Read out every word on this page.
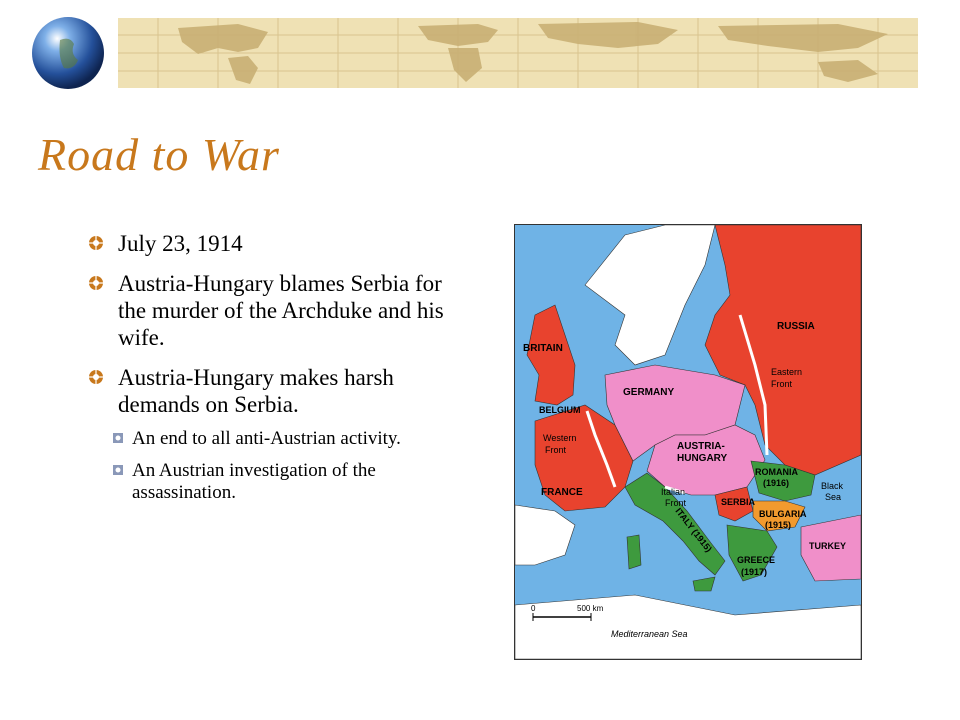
Road to War
July 23, 1914
Austria-Hungary blames Serbia for the murder of the Archduke and his wife.
Austria-Hungary makes harsh demands on Serbia.
An end to all anti-Austrian activity.
An Austrian investigation of the assassination.
BRITAIN
RUSSIA
Eastern
Front
GERMANY
BELGIUM
Western
Front	AUSTRIA-
HUNGARY
ROMANIA
(1916)	Black
Sea
FRANCE	Italian
Front	SERBIA
BULGARIA
(1915)
ITALY (1915)	TURKEY
GREECE
(1917)
Mediterranean Sea
0	500 km
